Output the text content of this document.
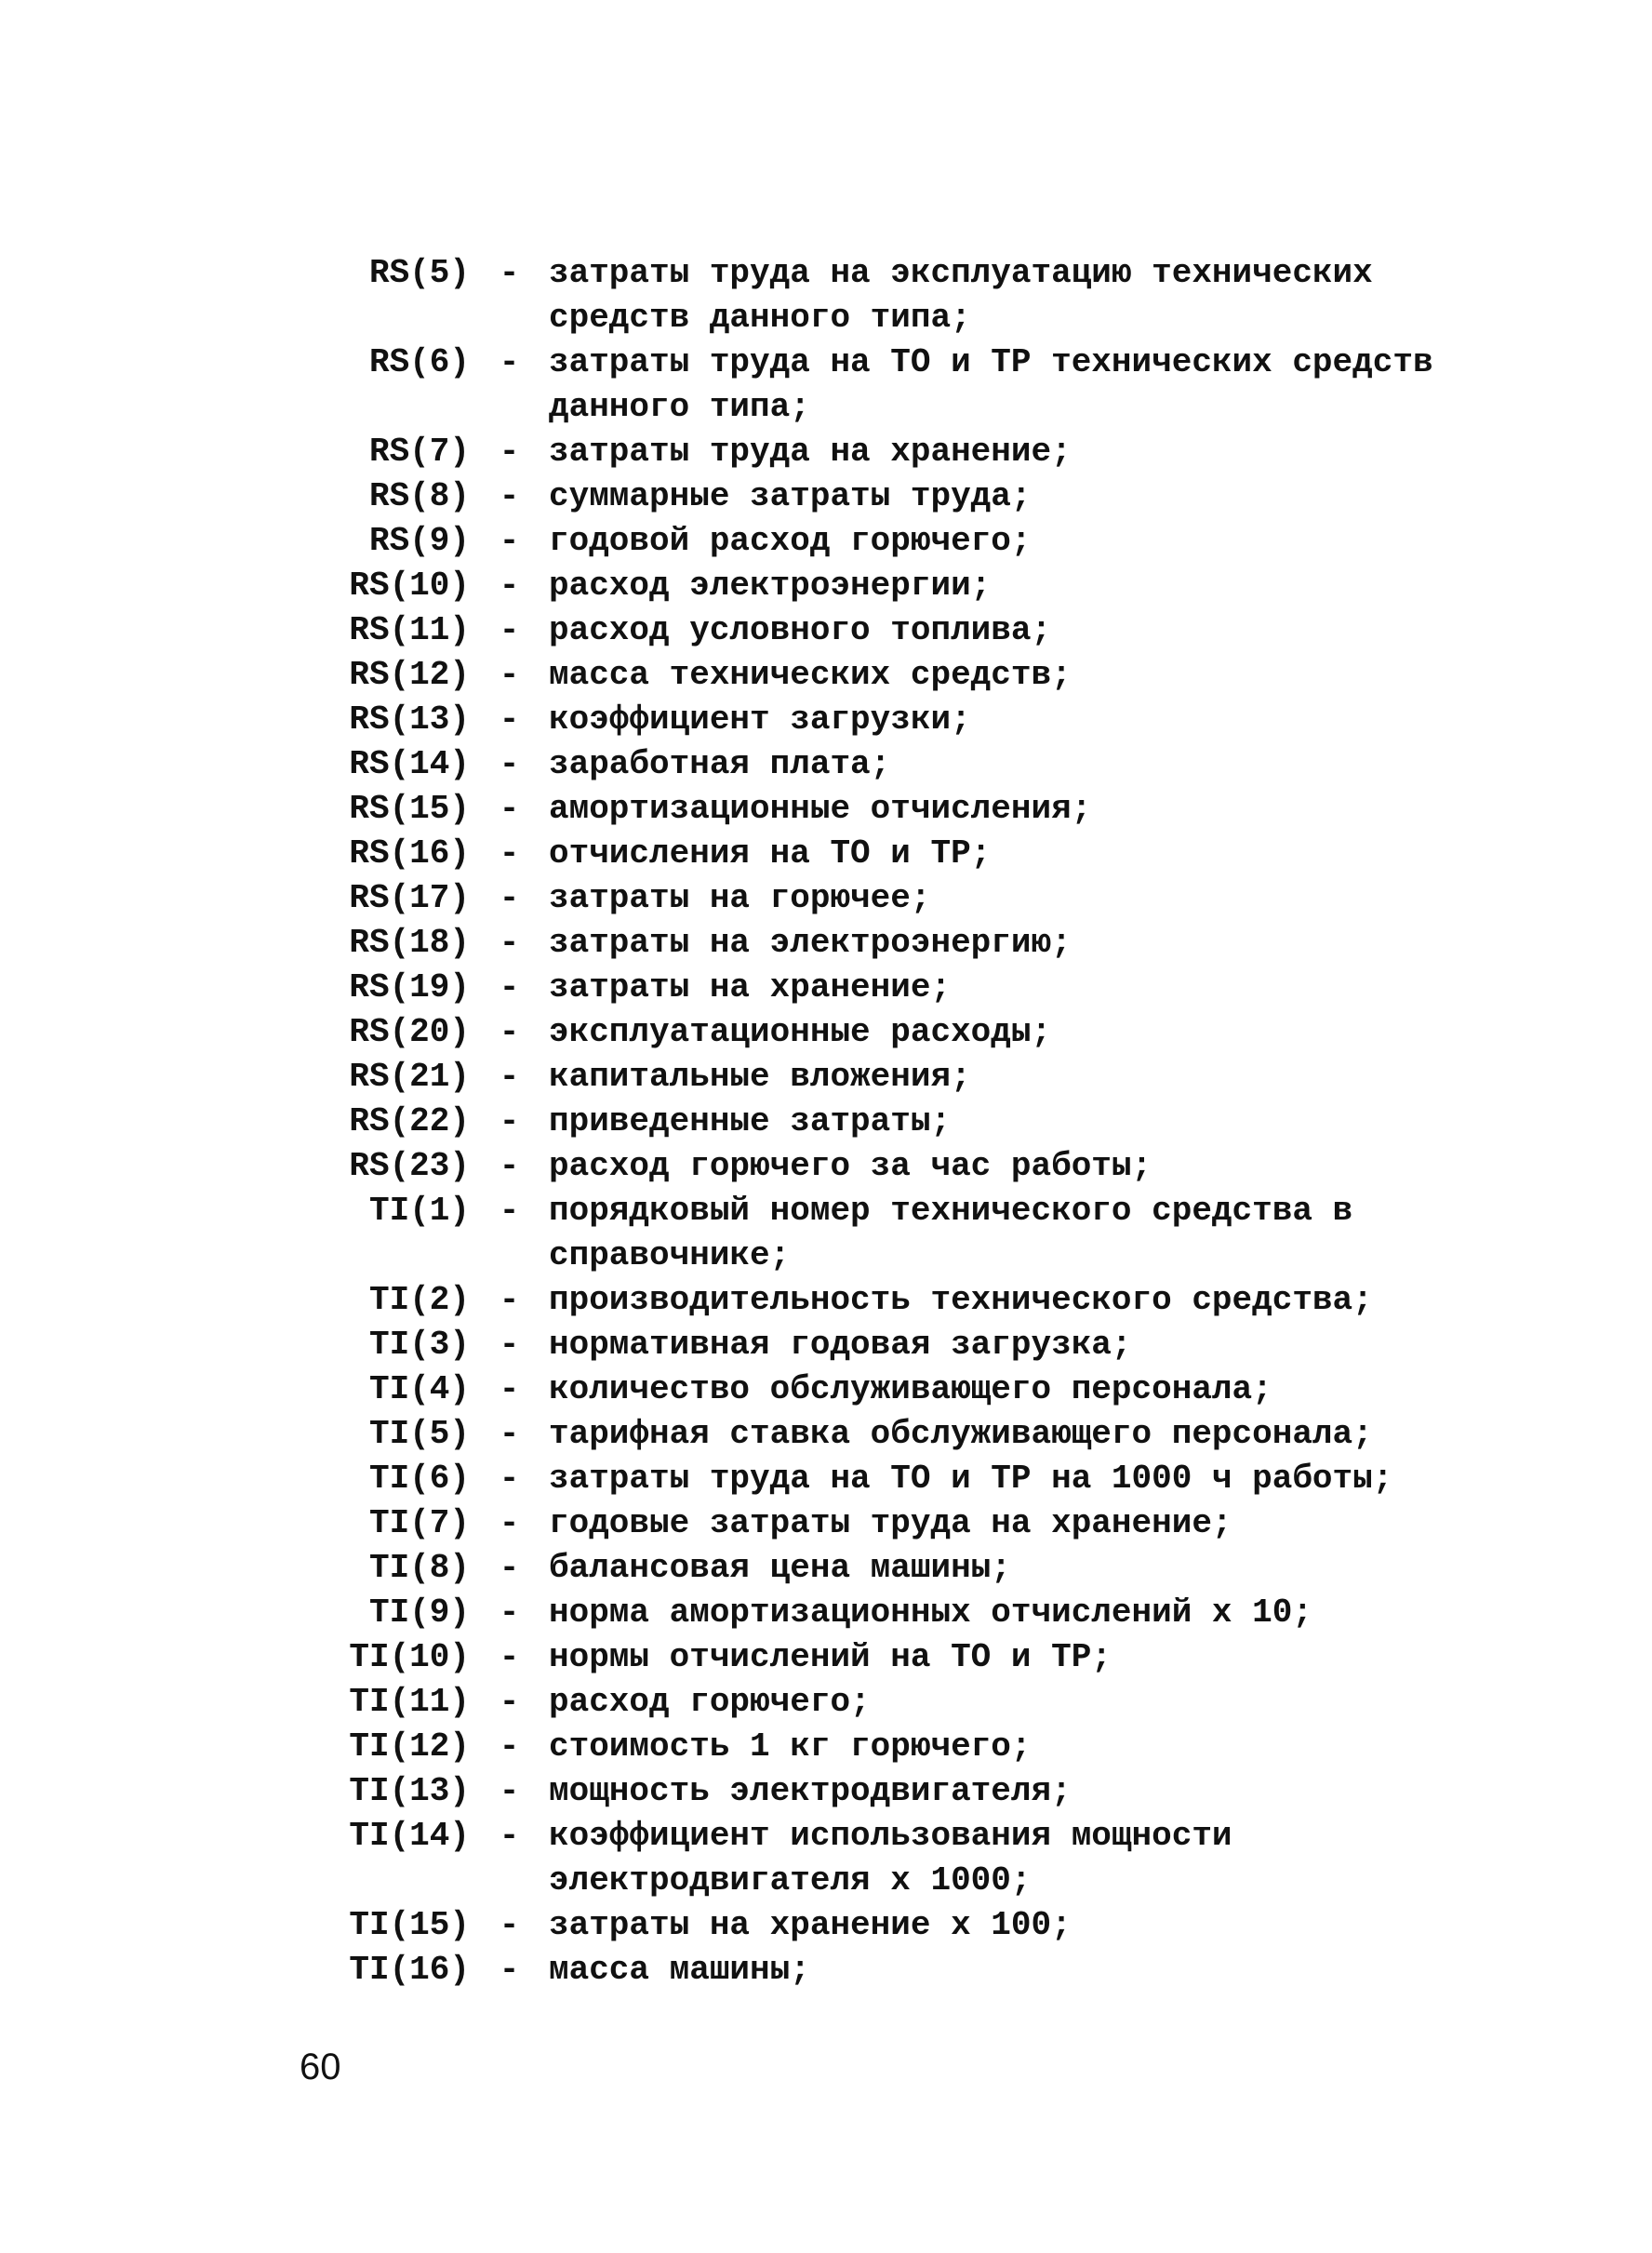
RS(5) - затраты труда на эксплуатацию технических средств данного типа;
RS(6) - затраты труда на ТО и ТР технических средств данного типа;
RS(7) - затраты труда на хранение;
RS(8) - суммарные затраты труда;
RS(9) - годовой расход горючего;
RS(10) - расход электроэнергии;
RS(11) - расход условного топлива;
RS(12) - масса технических средств;
RS(13) - коэффициент загрузки;
RS(14) - заработная плата;
RS(15) - амортизационные отчисления;
RS(16) - отчисления на ТО и ТР;
RS(17) - затраты на горючее;
RS(18) - затраты на электроэнергию;
RS(19) - затраты на хранение;
RS(20) - эксплуатационные расходы;
RS(21) - капитальные вложения;
RS(22) - приведенные затраты;
RS(23) - расход горючего за час работы;
TI(1) - порядковый номер технического средства в справочнике;
TI(2) - производительность технического средства;
TI(3) - нормативная годовая загрузка;
TI(4) - количество обслуживающего персонала;
TI(5) - тарифная ставка обслуживающего персонала;
TI(6) - затраты труда на ТО и ТР на 1000 ч работы;
TI(7) - годовые затраты труда на хранение;
TI(8) - балансовая цена машины;
TI(9) - норма амортизационных отчислений х 10;
TI(10) - нормы отчислений на ТО и ТР;
TI(11) - расход горючего;
TI(12) - стоимость 1 кг горючего;
TI(13) - мощность электродвигателя;
TI(14) - коэффициент использования мощности электродвигателя х 1000;
TI(15) - затраты на хранение х 100;
TI(16) - масса машины;
60
